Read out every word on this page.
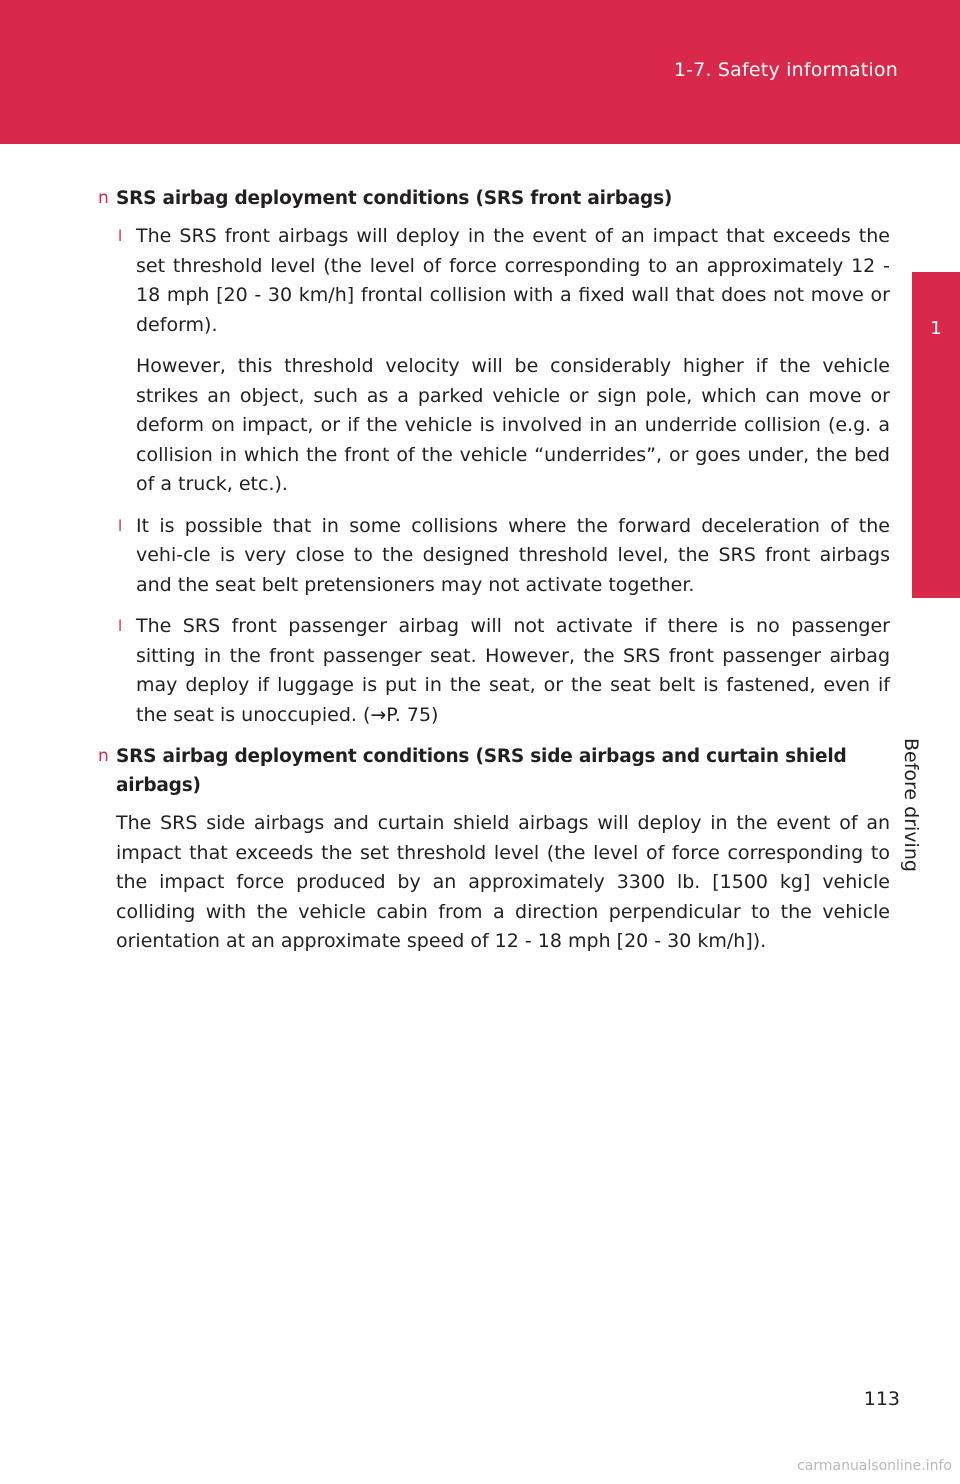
1-7. Safety information
1
Before driving

n SRS airbag deployment conditions (SRS front airbags)

l The SRS front airbags will deploy in the event of an impact that exceeds the set threshold level (the level of force corresponding to an approximately 12 - 18 mph [20 - 30 km/h] frontal collision with a fixed wall that does not move or deform).

However, this threshold velocity will be considerably higher if the vehicle strikes an object, such as a parked vehicle or sign pole, which can move or deform on impact, or if the vehicle is involved in an underride collision (e.g. a collision in which the front of the vehicle “underrides”, or goes under, the bed of a truck, etc.).

l It is possible that in some collisions where the forward deceleration of the vehi-cle is very close to the designed threshold level, the SRS front airbags and the seat belt pretensioners may not activate together.

l The SRS front passenger airbag will not activate if there is no passenger sitting in the front passenger seat. However, the SRS front passenger airbag may deploy if luggage is put in the seat, or the seat belt is fastened, even if the seat is unoccupied. (→P. 75)

n SRS airbag deployment conditions (SRS side airbags and curtain shield airbags)

The SRS side airbags and curtain shield airbags will deploy in the event of an impact that exceeds the set threshold level (the level of force corresponding to the impact force produced by an approximately 3300 lb. [1500 kg] vehicle colliding with the vehicle cabin from a direction perpendicular to the vehicle orientation at an approximate speed of 12 - 18 mph [20 - 30 km/h]).

113
carmanualsonline.info
